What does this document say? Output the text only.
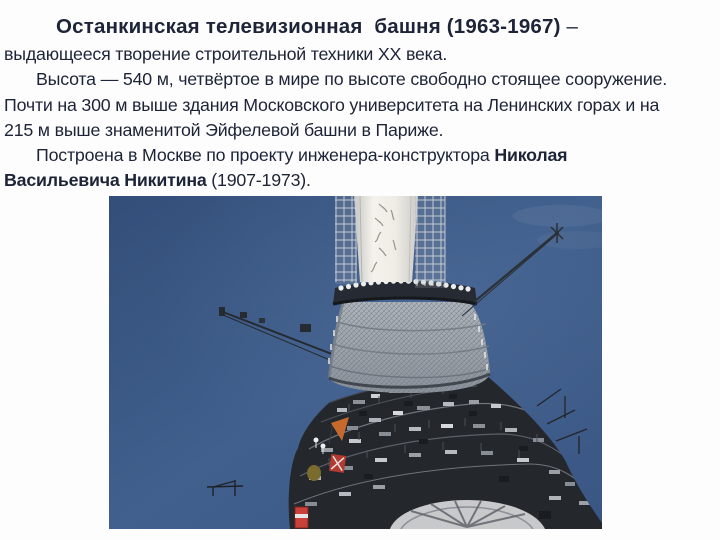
Останкинская телевизионная  башня (1963-1967) –
выдающееся творение строительной техники ХХ века.
Высота — 540 м, четвёртое в мире по высоте свободно стоящее сооружение.
Почти на 300 м выше здания Московского университета на Ленинских горах и на
215 м выше знаменитой Эйфелевой башни в Париже.
Построена в Москве по проекту инженера-конструктора Николая
Васильевича Никитина (1907-1973).
